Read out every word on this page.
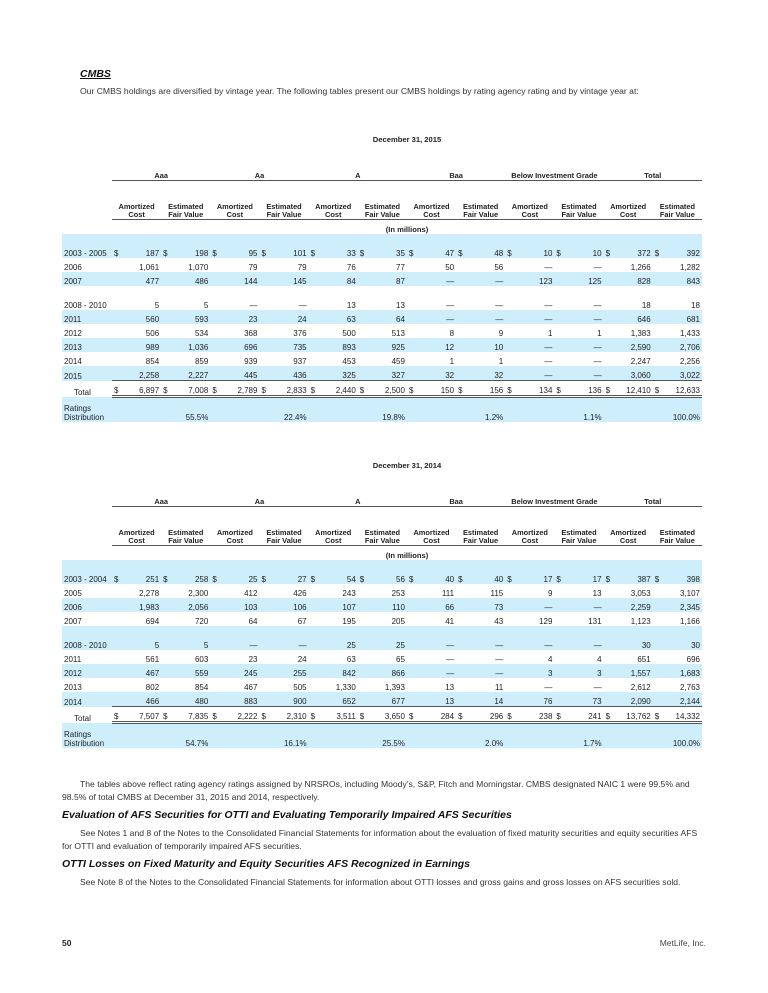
CMBS
Our CMBS holdings are diversified by vintage year. The following tables present our CMBS holdings by rating agency rating and by vintage year at:
	December 31, 2015											
	Aaa		Aa		A		Baa		Below Investment Grade		Total	
	Amortized Cost	Estimated Fair Value	Amortized Cost	Estimated Fair Value	Amortized Cost	Estimated Fair Value	Amortized Cost	Estimated Fair Value	Amortized Cost	Estimated Fair Value	Amortized Cost	Estimated Fair Value
	(In millions)											
2003 - 2005	$ 187	$ 198	$ 95	$ 101	$ 33	$ 35	$ 47	$ 48	$ 10	$ 10	$ 372	$ 392

2006	1,061	1,070	79	79	76	77	50	56	—	—	1,266	1,282

2007	477	486	144	145	84	87	—	—	123	125	828	843

2008 - 2010	5	5	—	—	13	13	—	—	—	—	18	18

2011	560	593	23	24	63	64	—	—	—	—	646	681

2012	506	534	368	376	500	513	8	9	1	1	1,383	1,433

2013	989	1,036	696	735	893	925	12	10	—	—	2,590	2,706

2014	854	859	939	937	453	459	1	1	—	—	2,247	2,256

2015	2,258	2,227	445	436	325	327	32	32	—	—	3,060	3,022

Total	$ 6,897	$ 7,008	$ 2,789	$ 2,833	$ 2,440	$ 2,500	$ 150	$ 156	$ 134	$ 136	$ 12,410	$ 12,633

Ratings Distribution		55.5%		22.4%		19.8%		1.2%		1.1%		100.0%
	December 31, 2014											
	Aaa		Aa		A		Baa		Below Investment Grade		Total	
	Amortized Cost	Estimated Fair Value	Amortized Cost	Estimated Fair Value	Amortized Cost	Estimated Fair Value	Amortized Cost	Estimated Fair Value	Amortized Cost	Estimated Fair Value	Amortized Cost	Estimated Fair Value
	(In millions)											
2003 - 2004	$ 251	$ 258	$ 25	$ 27	$ 54	$ 56	$ 40	$ 40	$ 17	$ 17	$ 387	$ 398

2005	2,278	2,300	412	426	243	253	111	115	9	13	3,053	3,107

2006	1,983	2,056	103	106	107	110	66	73	—	—	2,259	2,345

2007	694	720	64	67	195	205	41	43	129	131	1,123	1,166

2008 - 2010	5	5	—	—	25	25	—	—	—	—	30	30

2011	561	603	23	24	63	65	—	—	4	4	651	696

2012	467	559	245	255	842	866	—	—	3	3	1,557	1,683

2013	802	854	467	505	1,330	1,393	13	11	—	—	2,612	2,763

2014	466	480	883	900	652	677	13	14	76	73	2,090	2,144

Total	$ 7,507	$ 7,835	$ 2,222	$ 2,310	$ 3,511	$ 3,650	$ 284	$ 296	$ 238	$ 241	$ 13,762	$ 14,332

Ratings Distribution		54.7%		16.1%		25.5%		2.0%		1.7%		100.0%
The tables above reflect rating agency ratings assigned by NRSROs, including Moody’s, S&P, Fitch and Morningstar. CMBS designated NAIC 1 were 99.5% and 98.5% of total CMBS at December 31, 2015 and 2014, respectively.
Evaluation of AFS Securities for OTTI and Evaluating Temporarily Impaired AFS Securities
See Notes 1 and 8 of the Notes to the Consolidated Financial Statements for information about the evaluation of fixed maturity securities and equity securities AFS for OTTI and evaluation of temporarily impaired AFS securities.
OTTI Losses on Fixed Maturity and Equity Securities AFS Recognized in Earnings
See Note 8 of the Notes to the Consolidated Financial Statements for information about OTTI losses and gross gains and gross losses on AFS securities sold.
50	MetLife, Inc.
